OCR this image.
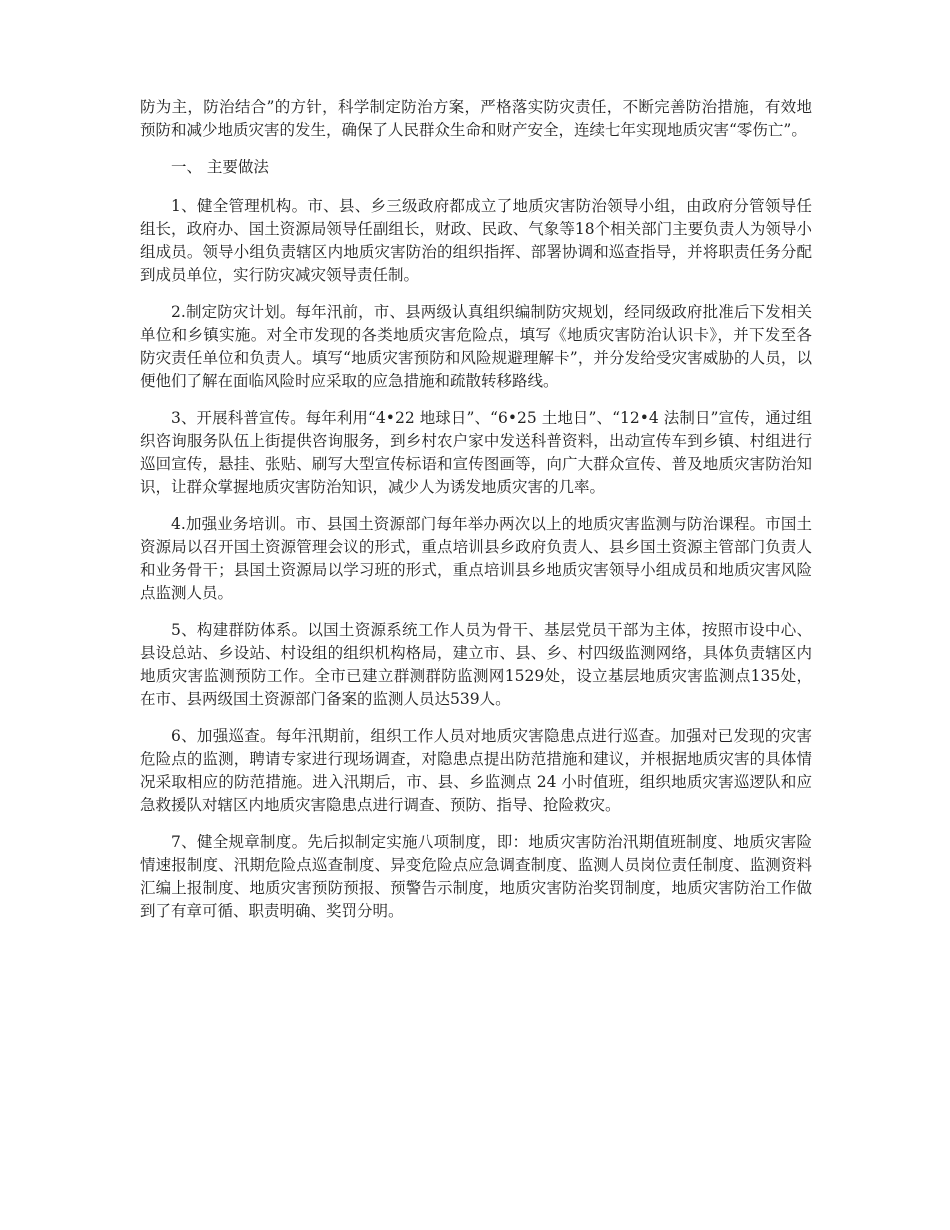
防为主，防治结合”的方针，科学制定防治方案，严格落实防灾责任，不断完善防治措施，有效地预防和减少地质灾害的发生，确保了人民群众生命和财产安全，连续七年实现地质灾害“零伤亡”。

一、 主要做法

1、健全管理机构。市、县、乡三级政府都成立了地质灾害防治领导小组，由政府分管领导任组长，政府办、国土资源局领导任副组长，财政、民政、气象等18个相关部门主要负责人为领导小组成员。领导小组负责辖区内地质灾害防治的组织指挥、部署协调和巡查指导，并将职责任务分配到成员单位，实行防灾减灾领导责任制。

2.制定防灾计划。每年汛前，市、县两级认真组织编制防灾规划，经同级政府批准后下发相关单位和乡镇实施。对全市发现的各类地质灾害危险点，填写《地质灾害防治认识卡》，并下发至各防灾责任单位和负责人。填写“地质灾害预防和风险规避理解卡”，并分发给受灾害威胁的人员，以便他们了解在面临风险时应采取的应急措施和疏散转移路线。

3、开展科普宣传。每年利用“4•22 地球日”、“6•25 土地日”、“12•4 法制日”宣传，通过组织咨询服务队伍上街提供咨询服务，到乡村农户家中发送科普资料，出动宣传车到乡镇、村组进行巡回宣传，悬挂、张贴、刷写大型宣传标语和宣传图画等，向广大群众宣传、普及地质灾害防治知识，让群众掌握地质灾害防治知识，减少人为诱发地质灾害的几率。

4.加强业务培训。市、县国土资源部门每年举办两次以上的地质灾害监测与防治课程。市国土资源局以召开国土资源管理会议的形式，重点培训县乡政府负责人、县乡国土资源主管部门负责人和业务骨干；县国土资源局以学习班的形式，重点培训县乡地质灾害领导小组成员和地质灾害风险点监测人员。

5、构建群防体系。以国土资源系统工作人员为骨干、基层党员干部为主体，按照市设中心、县设总站、乡设站、村设组的组织机构格局，建立市、县、乡、村四级监测网络，具体负责辖区内地质灾害监测预防工作。全市已建立群测群防监测网1529处，设立基层地质灾害监测点135处，在市、县两级国土资源部门备案的监测人员达539人。

6、加强巡查。每年汛期前，组织工作人员对地质灾害隐患点进行巡查。加强对已发现的灾害危险点的监测，聘请专家进行现场调查，对隐患点提出防范措施和建议，并根据地质灾害的具体情况采取相应的防范措施。进入汛期后，市、县、乡监测点 24 小时值班，组织地质灾害巡逻队和应急救援队对辖区内地质灾害隐患点进行调查、预防、指导、抢险救灾。

7、健全规章制度。先后拟制定实施八项制度，即：地质灾害防治汛期值班制度、地质灾害险情速报制度、汛期危险点巡查制度、异变危险点应急调查制度、监测人员岗位责任制度、监测资料汇编上报制度、地质灾害预防预报、预警告示制度，地质灾害防治奖罚制度，地质灾害防治工作做到了有章可循、职责明确、奖罚分明。
